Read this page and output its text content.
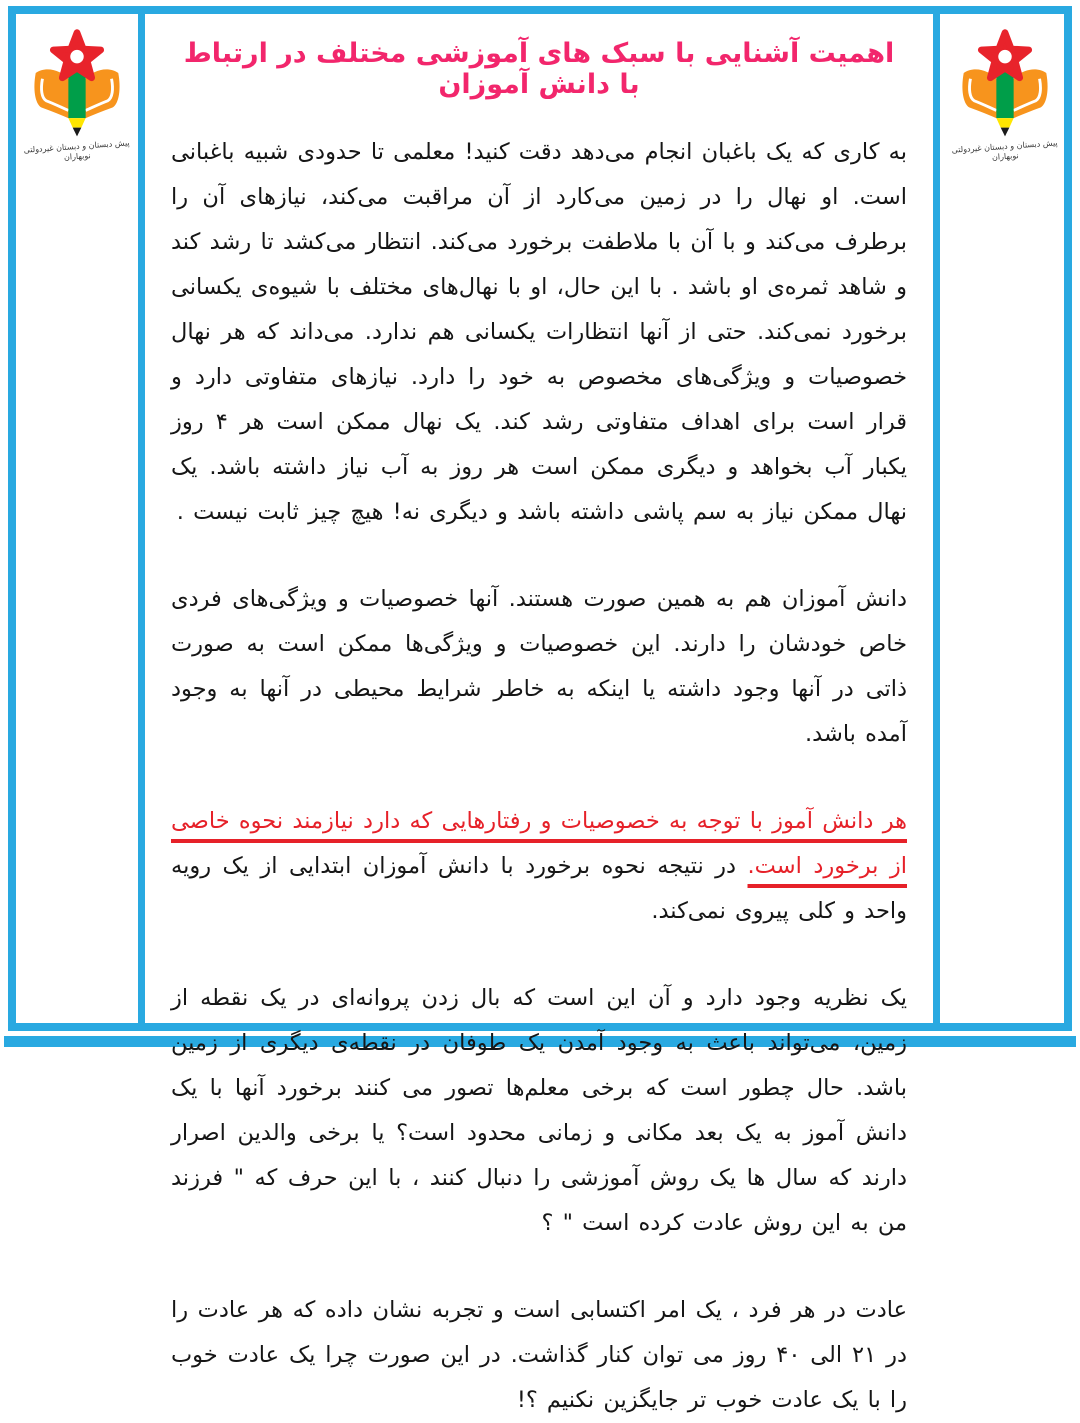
پیش دبستان و دبستان غیردولتی نوبهاران
پیش دبستان و دبستان غیردولتی نوبهاران
اهمیت آشنایی با سبک های آموزشی مختلف در ارتباط با دانش آموزان

به کاری که یک باغبان انجام می‌دهد دقت کنید! معلمی تا حدودی شبیه باغبانی است. او نهال را در زمین می‌کارد از آن مراقبت می‌کند، نیازهای آن را برطرف می‌کند و با آن با ملاطفت برخورد می‌کند. انتظار می‌کشد تا رشد کند و شاهد ثمره‌ی او باشد . با این حال، او با نهال‌های مختلف با شیوه‌ی یکسانی برخورد نمی‌کند. حتی از آنها انتظارات یکسانی هم ندارد. می‌داند که هر نهال خصوصیات و ویژگی‌های مخصوص به خود را دارد. نیازهای متفاوتی دارد و قرار است برای اهداف متفاوتی رشد کند. یک نهال ممکن است هر ۴ روز یکبار آب بخواهد و دیگری ممکن است هر روز به آب نیاز داشته باشد. یک نهال ممکن نیاز به سم پاشی داشته باشد و دیگری نه! هیچ چیز ثابت نیست .

دانش آموزان هم به همین صورت هستند. آنها خصوصیات و ویژگی‌های فردی خاص خودشان را دارند. این خصوصیات و ویژگی‌ها ممکن است به صورت ذاتی در آنها وجود داشته یا اینکه به خاطر شرایط محیطی در آنها به وجود آمده باشد.

هر دانش آموز با توجه به خصوصیات و رفتارهایی که دارد نیازمند نحوه خاصی از برخورد است. در نتیجه نحوه برخورد با دانش آموزان ابتدایی از یک رویه واحد و کلی پیروی نمی‌کند.

یک نظریه وجود دارد و آن این است که بال زدن پروانه‌ای در یک نقطه از زمین، می‌تواند باعث به وجود آمدن یک طوفان در نقطه‌ی دیگری از زمین باشد. حال چطور است که برخی معلم‌ها تصور می کنند برخورد آنها با یک دانش آموز به یک بعد مکانی و زمانی محدود است؟ یا برخی والدین اصرار دارند که سال ها یک روش آموزشی را دنبال کنند ، با این حرف که " فرزند من به این روش عادت کرده است " ؟

عادت در هر فرد ، یک امر اکتسابی است و تجربه نشان داده که هر عادت را در ۲۱ الی ۴۰ روز می توان کنار گذاشت. در این صورت چرا یک عادت خوب را با یک عادت خوب تر جایگزین نکنیم ؟!
